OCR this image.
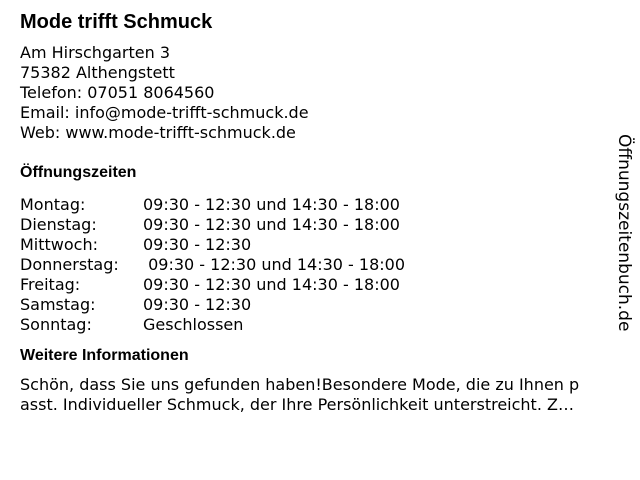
Mode trifft Schmuck
Am Hirschgarten 3
75382 Althengstett
Telefon: 07051 8064560
Email: info@mode-trifft-schmuck.de
Web: www.mode-trifft-schmuck.de
Öffnungszeiten
Montag:	09:30 - 12:30 und 14:30 - 18:00
Dienstag:	09:30 - 12:30 und 14:30 - 18:00
Mittwoch:	09:30 - 12:30
Donnerstag:	09:30 - 12:30 und 14:30 - 18:00
Freitag:	09:30 - 12:30 und 14:30 - 18:00
Samstag:	09:30 - 12:30
Sonntag:	Geschlossen
Weitere Informationen
Schön, dass Sie uns gefunden haben!Besondere Mode, die zu Ihnen p
asst. Individueller Schmuck, der Ihre Persönlichkeit unterstreicht. Z…
Öffnungszeitenbuch.de
